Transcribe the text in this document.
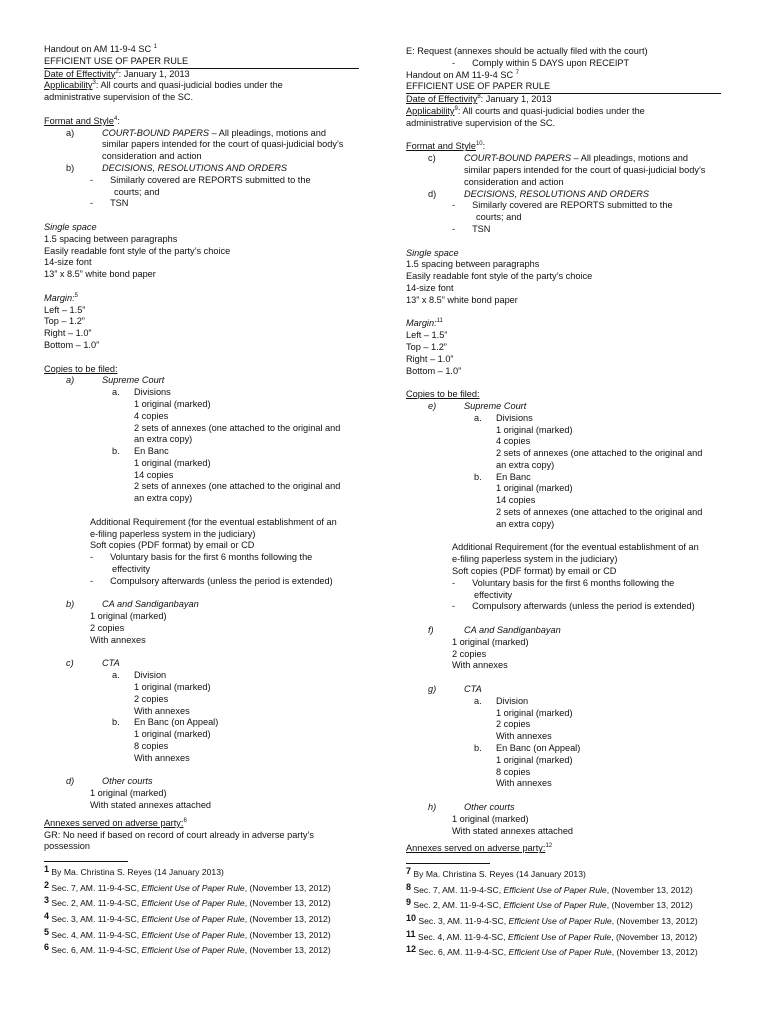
Handout on AM 11-9-4 SC $^1$
EFFICIENT USE OF PAPER RULE
Date of Effectivity$^2$: January 1, 2013
Applicability$^3$: All courts and quasi-judicial bodies under the
administrative supervision of the SC.
Format and Style$^4$:
a)	COURT-BOUND PAPERS – All pleadings, motions and
similar papers intended for the court of quasi-judicial body’s
consideration and action
b)	DECISIONS, RESOLUTIONS AND ORDERS
- Similarly covered are REPORTS submitted to the
courts; and
- TSN
Single space
1.5 spacing between paragraphs
Easily readable font style of the party’s choice
14-size font
13” x 8.5” white bond paper
Margin:$^5$
Left – 1.5”
Top – 1.2”
Right – 1.0”
Bottom – 1.0”
Copies to be filed:
a)	Supreme Court
a. Divisions
1 original (marked)
4 copies
2 sets of annexes (one attached to the original and
an extra copy)
b. En Banc
1 original (marked)
14 copies
2 sets of annexes (one attached to the original and
an extra copy)
Additional Requirement (for the eventual establishment of an
e-filing paperless system in the judiciary)
Soft copies (PDF format) by email or CD
- Voluntary basis for the first 6 months following the
effectivity
- Compulsory afterwards (unless the period is extended)
b)	CA and Sandiganbayan
1 original (marked)
2 copies
With annexes
c)	CTA
a. Division
1 original (marked)
2 copies
With annexes
b. En Banc (on Appeal)
1 original (marked)
8 copies
With annexes
d)	Other courts
1 original (marked)
With stated annexes attached
Annexes served on adverse party:$^6$
GR: No need if based on record of court already in adverse party’s
possession
1 By Ma. Christina S. Reyes (14 January 2013)
2 Sec. 7, AM. 11-9-4-SC, Efficient Use of Paper Rule, (November 13, 2012)
3 Sec. 2, AM. 11-9-4-SC, Efficient Use of Paper Rule, (November 13, 2012)
4 Sec. 3, AM. 11-9-4-SC, Efficient Use of Paper Rule, (November 13, 2012)
5 Sec. 4, AM. 11-9-4-SC, Efficient Use of Paper Rule, (November 13, 2012)
6 Sec. 6, AM. 11-9-4-SC, Efficient Use of Paper Rule, (November 13, 2012)
E: Request (annexes should be actually filed with the court)
- Comply within 5 DAYS upon RECEIPT
Handout on AM 11-9-4 SC $^7$
EFFICIENT USE OF PAPER RULE
Date of Effectivity$^8$: January 1, 2013
Applicability$^9$: All courts and quasi-judicial bodies under the
administrative supervision of the SC.
Format and Style$^{10}$:
c)	COURT-BOUND PAPERS – All pleadings, motions and
similar papers intended for the court of quasi-judicial body’s
consideration and action
d)	DECISIONS, RESOLUTIONS AND ORDERS
- Similarly covered are REPORTS submitted to the
courts; and
- TSN
Single space
1.5 spacing between paragraphs
Easily readable font style of the party’s choice
14-size font
13” x 8.5” white bond paper
Margin:$^{11}$
Left – 1.5”
Top – 1.2”
Right – 1.0”
Bottom – 1.0”
Copies to be filed:
e)	Supreme Court
a. Divisions
1 original (marked)
4 copies
2 sets of annexes (one attached to the original and
an extra copy)
b. En Banc
1 original (marked)
14 copies
2 sets of annexes (one attached to the original and
an extra copy)
Additional Requirement (for the eventual establishment of an
e-filing paperless system in the judiciary)
Soft copies (PDF format) by email or CD
- Voluntary basis for the first 6 months following the
effectivity
- Compulsory afterwards (unless the period is extended)
f)	CA and Sandiganbayan
1 original (marked)
2 copies
With annexes
g)	CTA
a. Division
1 original (marked)
2 copies
With annexes
b. En Banc (on Appeal)
1 original (marked)
8 copies
With annexes
h)	Other courts
1 original (marked)
With stated annexes attached
Annexes served on adverse party:$^{12}$
7 By Ma. Christina S. Reyes (14 January 2013)
8 Sec. 7, AM. 11-9-4-SC, Efficient Use of Paper Rule, (November 13, 2012)
9 Sec. 2, AM. 11-9-4-SC, Efficient Use of Paper Rule, (November 13, 2012)
10 Sec. 3, AM. 11-9-4-SC, Efficient Use of Paper Rule, (November 13, 2012)
11 Sec. 4, AM. 11-9-4-SC, Efficient Use of Paper Rule, (November 13, 2012)
12 Sec. 6, AM. 11-9-4-SC, Efficient Use of Paper Rule, (November 13, 2012)
